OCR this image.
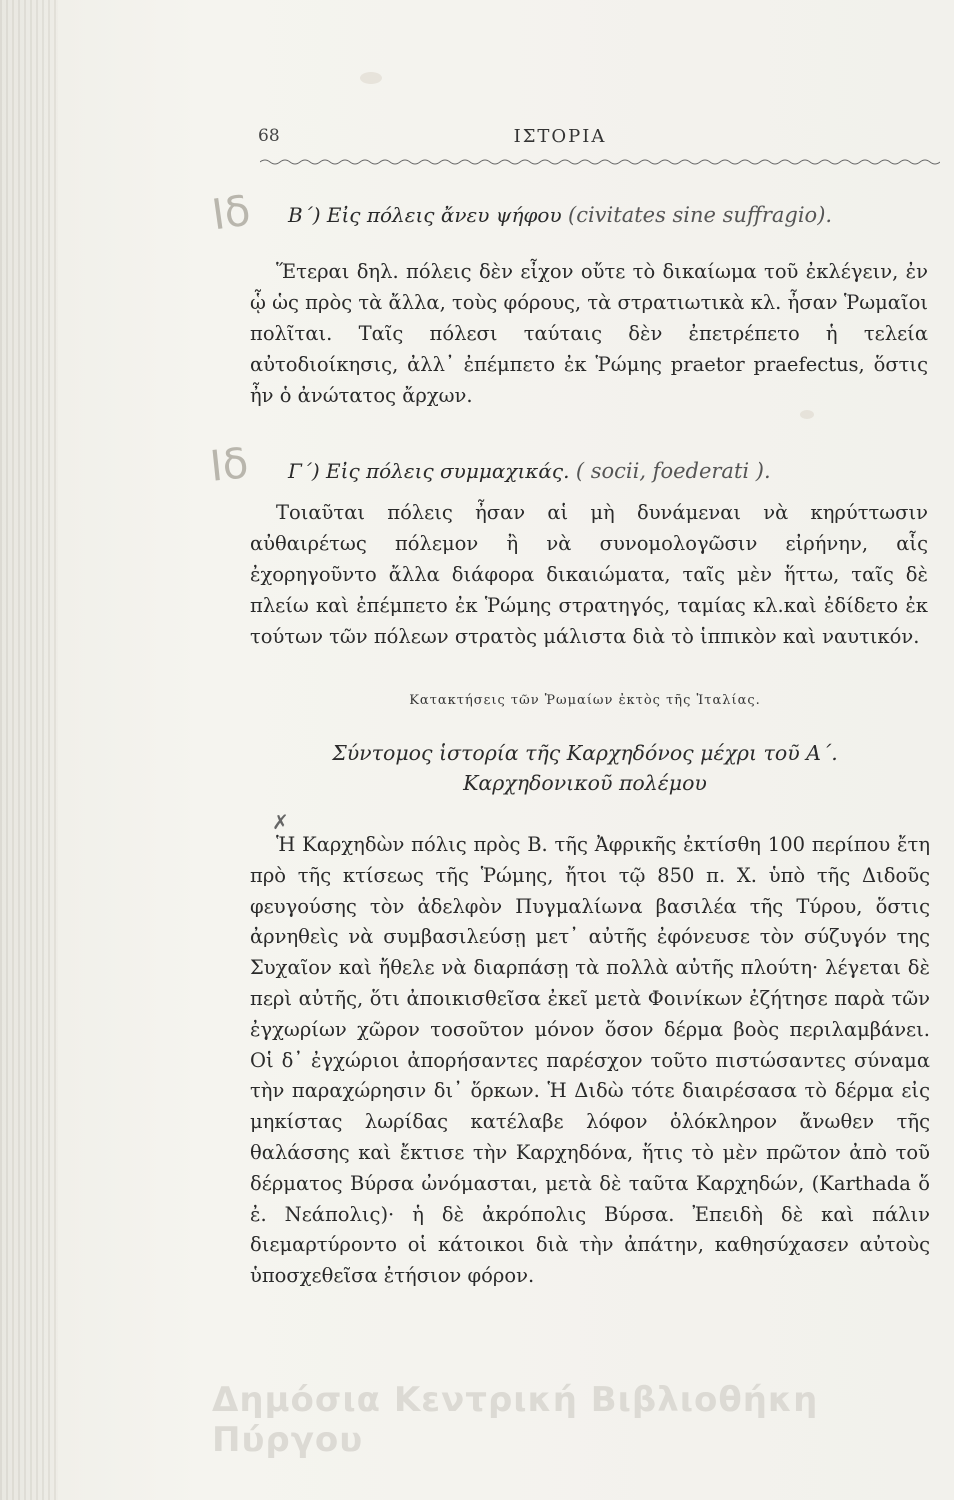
68	ΙΣΤΟΡΙΑ
Ιδ
Ιδ
✗
Β΄) Εἰς πόλεις ἄνευ ψήφου (civitates sine suffragio).
Ἕτεραι δηλ. πόλεις δὲν εἶχον οὔτε τὸ δικαίωμα τοῦ ἐκλέγειν, ἐν ᾧ ὡς πρὸς τὰ ἄλλα, τοὺς φόρους, τὰ στρατιωτικὰ κλ. ἦσαν Ῥωμαῖοι πολῖται. Ταῖς πόλεσι ταύταις δὲν ἐπετρέπετο ἡ τελεία αὐτοδιοίκησις, ἀλλ᾽ ἐπέμπετο ἐκ Ῥώμης praetor praefectus, ὅστις ἦν ὁ ἀνώτατος ἄρχων.
Γ΄) Εἰς πόλεις συμμαχικάς. ( socii, foederati ).
Τοιαῦται πόλεις ἦσαν αἱ μὴ δυνάμεναι νὰ κηρύττωσιν αὐθαιρέτως πόλεμον ἢ νὰ συνομολογῶσιν εἰρήνην, αἷς ἐχορηγοῦντο ἄλλα διάφορα δικαιώματα, ταῖς μὲν ἥττω, ταῖς δὲ πλείω καὶ ἐπέμπετο ἐκ Ῥώμης στρατηγός, ταμίας κλ.καὶ ἐδίδετο ἐκ τούτων τῶν πόλεων στρατὸς μάλιστα διὰ τὸ ἱππικὸν καὶ ναυτικόν.
Κατακτήσεις τῶν Ῥωμαίων ἐκτὸς τῆς Ἰταλίας.
Σύντομος ἱστορία τῆς Καρχηδόνος μέχρι τοῦ Α΄.
Καρχηδονικοῦ πολέμου
Ἡ Καρχηδὼν πόλις πρὸς Β. τῆς Ἀφρικῆς ἐκτίσθη 100 περίπου ἔτη πρὸ τῆς κτίσεως τῆς Ῥώμης, ἤτοι τῷ 850 π. Χ. ὑπὸ τῆς Διδοῦς φευγούσης τὸν ἀδελφὸν Πυγμαλίωνα βασιλέα τῆς Τύρου, ὅστις ἀρνηθεὶς νὰ συμβασιλεύσῃ μετ᾽ αὐτῆς ἐφόνευσε τὸν σύζυγόν της Συχαῖον καὶ ἤθελε νὰ διαρπάσῃ τὰ πολλὰ αὐτῆς πλούτη· λέγεται δὲ περὶ αὐτῆς, ὅτι ἀποικισθεῖσα ἐκεῖ μετὰ Φοινίκων ἐζήτησε παρὰ τῶν ἐγχωρίων χῶρον τοσοῦτον μόνον ὅσον δέρμα βοὸς περιλαμβάνει. Οἱ δ᾽ ἐγχώριοι ἀπορήσαντες παρέσχον τοῦτο πιστώσαντες σύναμα τὴν παραχώρησιν δι᾽ ὅρκων. Ἡ Διδὼ τότε διαιρέσασα τὸ δέρμα εἰς μηκίστας λωρίδας κατέλαβε λόφον ὁλόκληρον ἄνωθεν τῆς θαλάσσης καὶ ἔκτισε τὴν Καρχηδόνα, ἥτις τὸ μὲν πρῶτον ἀπὸ τοῦ δέρματος Βύρσα ὠνόμασται, μετὰ δὲ ταῦτα Καρχηδών, (Karthada ὅ ἐ. Νεάπολις)· ἡ δὲ ἀκρόπολις Βύρσα. Ἐπειδὴ δὲ καὶ πάλιν διεμαρτύροντο οἱ κάτοικοι διὰ τὴν ἀπάτην, καθησύχασεν αὐτοὺς ὑποσχεθεῖσα ἐτήσιον φόρον.
Δημόσια Κεντρική Βιβλιοθήκη Πύργου
